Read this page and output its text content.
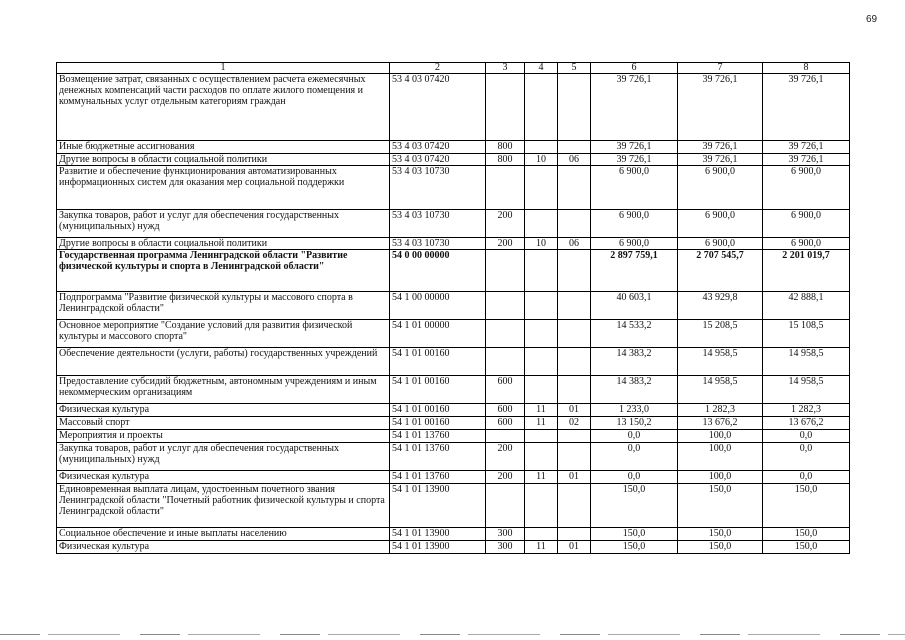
69
1	2	3	4	5	6	7	8
Возмещение затрат, связанных с осуществлением расчета ежемесячных денежных компенсаций части расходов по оплате жилого помещения и коммунальных услуг отдельным категориям граждан	53 4 03 07420				39 726,1	39 726,1	39 726,1
Иные бюджетные ассигнования	53 4 03 07420	800			39 726,1	39 726,1	39 726,1
Другие вопросы в области социальной политики	53 4 03 07420	800	10	06	39 726,1	39 726,1	39 726,1
Развитие и обеспечение функционирования автоматизированных информационных систем для оказания мер социальной поддержки	53 4 03 10730				6 900,0	6 900,0	6 900,0
Закупка товаров, работ и услуг для обеспечения государственных (муниципальных) нужд	53 4 03 10730	200			6 900,0	6 900,0	6 900,0
Другие вопросы в области социальной политики	53 4 03 10730	200	10	06	6 900,0	6 900,0	6 900,0
Государственная программа Ленинградской области "Развитие физической культуры и спорта в Ленинградской области"	54 0 00 00000				2 897 759,1	2 707 545,7	2 201 019,7
Подпрограмма "Развитие физической культуры и массового спорта в Ленинградской области"	54 1 00 00000				40 603,1	43 929,8	42 888,1
Основное мероприятие "Создание условий для развития физической культуры и массового спорта"	54 1 01 00000				14 533,2	15 208,5	15 108,5
Обеспечение деятельности (услуги, работы) государственных учреждений	54 1 01 00160				14 383,2	14 958,5	14 958,5
Предоставление субсидий бюджетным, автономным учреждениям и иным некоммерческим организациям	54 1 01 00160	600			14 383,2	14 958,5	14 958,5
Физическая культура	54 1 01 00160	600	11	01	1 233,0	1 282,3	1 282,3
Массовый спорт	54 1 01 00160	600	11	02	13 150,2	13 676,2	13 676,2
Мероприятия и проекты	54 1 01 13760				0,0	100,0	0,0
Закупка товаров, работ и услуг для обеспечения государственных (муниципальных) нужд	54 1 01 13760	200			0,0	100,0	0,0
Физическая культура	54 1 01 13760	200	11	01	0,0	100,0	0,0
Единовременная выплата лицам, удостоенным почетного звания Ленинградской области "Почетный работник физической культуры и спорта Ленинградской области"	54 1 01 13900				150,0	150,0	150,0
Социальное обеспечение и иные выплаты населению	54 1 01 13900	300			150,0	150,0	150,0
Физическая культура	54 1 01 13900	300	11	01	150,0	150,0	150,0
